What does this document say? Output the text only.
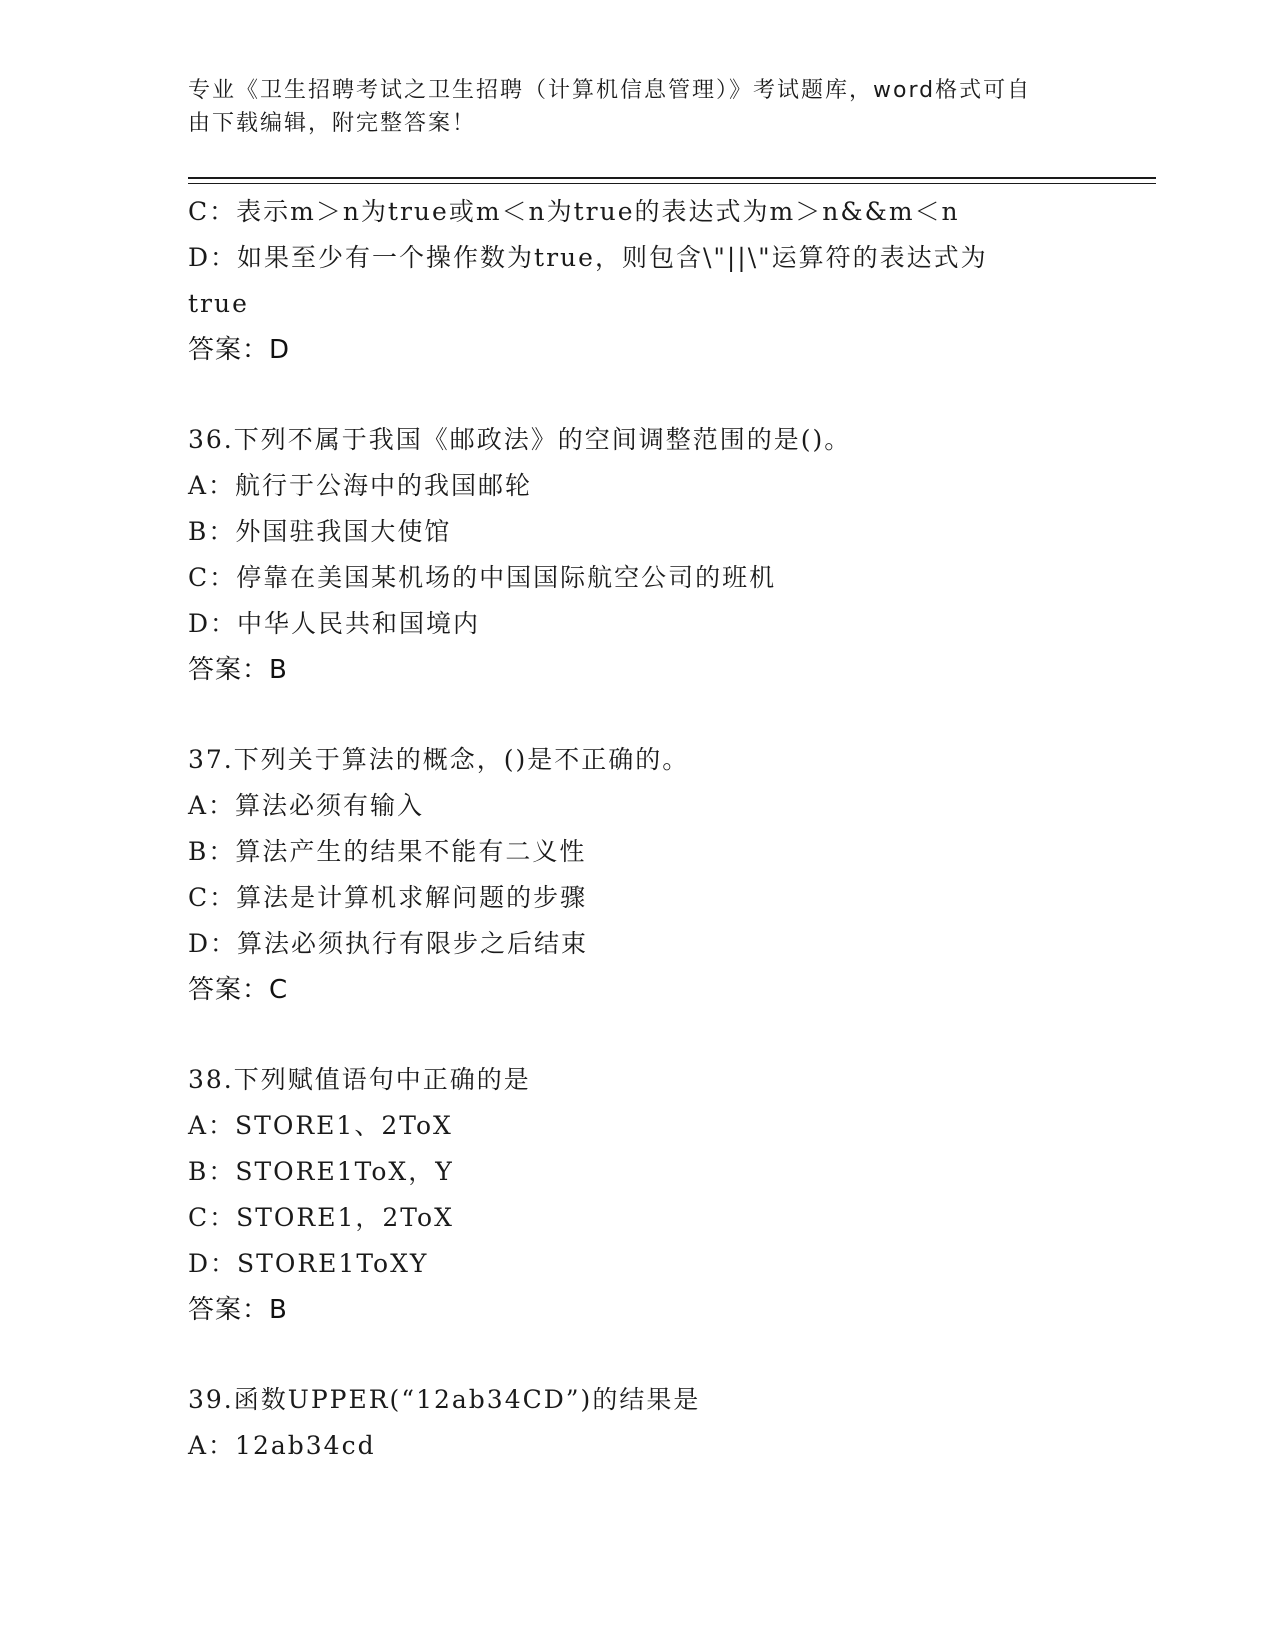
专业《卫生招聘考试之卫生招聘（计算机信息管理）》考试题库，word格式可自
由下载编辑，附完整答案！
C：表示m＞n为true或m＜n为true的表达式为m＞n&&m＜n
D：如果至少有一个操作数为true，则包含\"||\"运算符的表达式为
true
答案：D
36.下列不属于我国《邮政法》的空间调整范围的是()。
A：航行于公海中的我国邮轮
B：外国驻我国大使馆
C：停靠在美国某机场的中国国际航空公司的班机
D：中华人民共和国境内
答案：B
37.下列关于算法的概念，()是不正确的。
A：算法必须有输入
B：算法产生的结果不能有二义性
C：算法是计算机求解问题的步骤
D：算法必须执行有限步之后结束
答案：C
38.下列赋值语句中正确的是
A：STORE1、2ToX
B：STORE1ToX，Y
C：STORE1，2ToX
D：STORE1ToXY
答案：B
39.函数UPPER(“12ab34CD”)的结果是
A：12ab34cd
